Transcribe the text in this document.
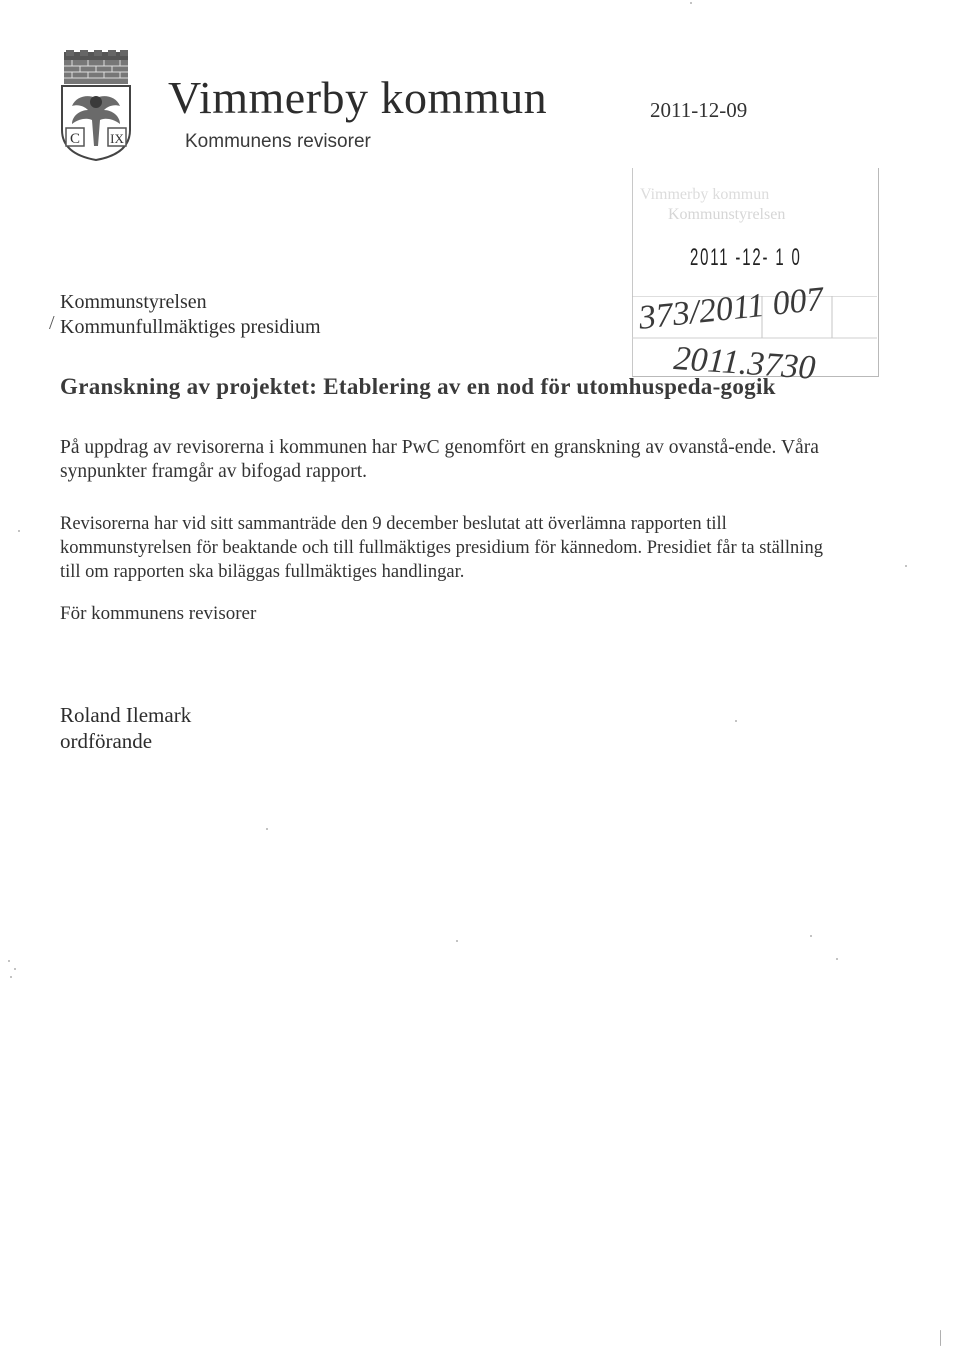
C IX
Vimmerby kommun
Kommunens revisorer
2011-12-09
Vimmerby kommun
Kommunstyrelsen
2011 -12- 1 0
373/2011 007
2011.3730
Kommunstyrelsen
/ Kommunfullmäktiges presidium
Granskning av projektet: Etablering av en nod för utomhuspeda-gogik
På uppdrag av revisorerna i kommunen har PwC genomfört en granskning av ovanstå-ende. Våra synpunkter framgår av bifogad rapport.
Revisorerna har vid sitt sammanträde den 9 december beslutat att överlämna rapporten till kommunstyrelsen för beaktande och till fullmäktiges presidium för kännedom. Presidiet får ta ställning till om rapporten ska biläggas fullmäktiges handlingar.
För kommunens revisorer
Roland Ilemark
ordförande
